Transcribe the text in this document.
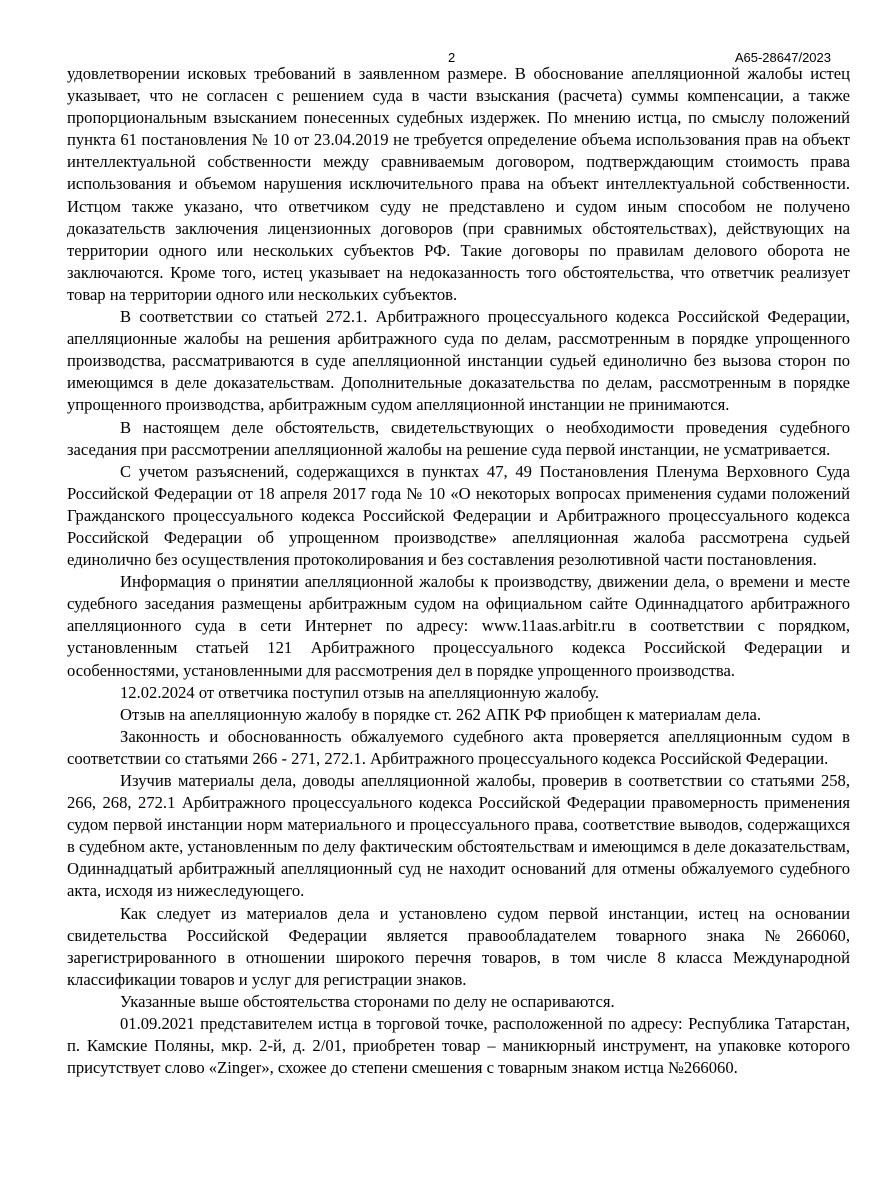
2	А65-28647/2023

удовлетворении исковых требований в заявленном размере. В обоснование апелляционной жалобы истец указывает, что не согласен с решением суда в части взыскания (расчета) суммы компенсации, а также пропорциональным взысканием понесенных судебных издержек. По мнению истца, по смыслу положений пункта 61 постановления № 10 от 23.04.2019 не требуется определение объема использования прав на объект интеллектуальной собственности между сравниваемым договором, подтверждающим стоимость права использования и объемом нарушения исключительного права на объект интеллектуальной собственности. Истцом также указано, что ответчиком суду не представлено и судом иным способом не получено доказательств заключения лицензионных договоров (при сравнимых обстоятельствах), действующих на территории одного или нескольких субъектов РФ. Такие договоры по правилам делового оборота не заключаются. Кроме того, истец указывает на недоказанность того обстоятельства, что ответчик реализует товар на территории одного или нескольких субъектов.

В соответствии со статьей 272.1. Арбитражного процессуального кодекса Российской Федерации, апелляционные жалобы на решения арбитражного суда по делам, рассмотренным в порядке упрощенного производства, рассматриваются в суде апелляционной инстанции судьей единолично без вызова сторон по имеющимся в деле доказательствам. Дополнительные доказательства по делам, рассмотренным в порядке упрощенного производства, арбитражным судом апелляционной инстанции не принимаются.

В настоящем деле обстоятельств, свидетельствующих о необходимости проведения судебного заседания при рассмотрении апелляционной жалобы на решение суда первой инстанции, не усматривается.

С учетом разъяснений, содержащихся в пунктах 47, 49 Постановления Пленума Верховного Суда Российской Федерации от 18 апреля 2017 года № 10 «О некоторых вопросах применения судами положений Гражданского процессуального кодекса Российской Федерации и Арбитражного процессуального кодекса Российской Федерации об упрощенном производстве» апелляционная жалоба рассмотрена судьей единолично без осуществления протоколирования и без составления резолютивной части постановления.

Информация о принятии апелляционной жалобы к производству, движении дела, о времени и месте судебного заседания размещены арбитражным судом на официальном сайте Одиннадцатого арбитражного апелляционного суда в сети Интернет по адресу: www.11aas.arbitr.ru в соответствии с порядком, установленным статьей 121 Арбитражного процессуального кодекса Российской Федерации и особенностями, установленными для рассмотрения дел в порядке упрощенного производства.

12.02.2024 от ответчика поступил отзыв на апелляционную жалобу.

Отзыв на апелляционную жалобу в порядке ст. 262 АПК РФ приобщен к материалам дела.

Законность и обоснованность обжалуемого судебного акта проверяется апелляционным судом в соответствии со статьями 266 - 271, 272.1. Арбитражного процессуального кодекса Российской Федерации.

Изучив материалы дела, доводы апелляционной жалобы, проверив в соответствии со статьями 258, 266, 268, 272.1 Арбитражного процессуального кодекса Российской Федерации правомерность применения судом первой инстанции норм материального и процессуального права, соответствие выводов, содержащихся в судебном акте, установленным по делу фактическим обстоятельствам и имеющимся в деле доказательствам, Одиннадцатый арбитражный апелляционный суд не находит оснований для отмены обжалуемого судебного акта, исходя из нижеследующего.

Как следует из материалов дела и установлено судом первой инстанции, истец на основании свидетельства Российской Федерации является правообладателем товарного знака №266060, зарегистрированного в отношении широкого перечня товаров, в том числе 8 класса Международной классификации товаров и услуг для регистрации знаков.

Указанные выше обстоятельства сторонами по делу не оспариваются.

01.09.2021 представителем истца в торговой точке, расположенной по адресу: Республика Татарстан, п. Камские Поляны, мкр. 2-й, д. 2/01, приобретен товар – маникюрный инструмент, на упаковке которого присутствует слово «Zinger», схожее до степени смешения с товарным знаком истца №266060.
